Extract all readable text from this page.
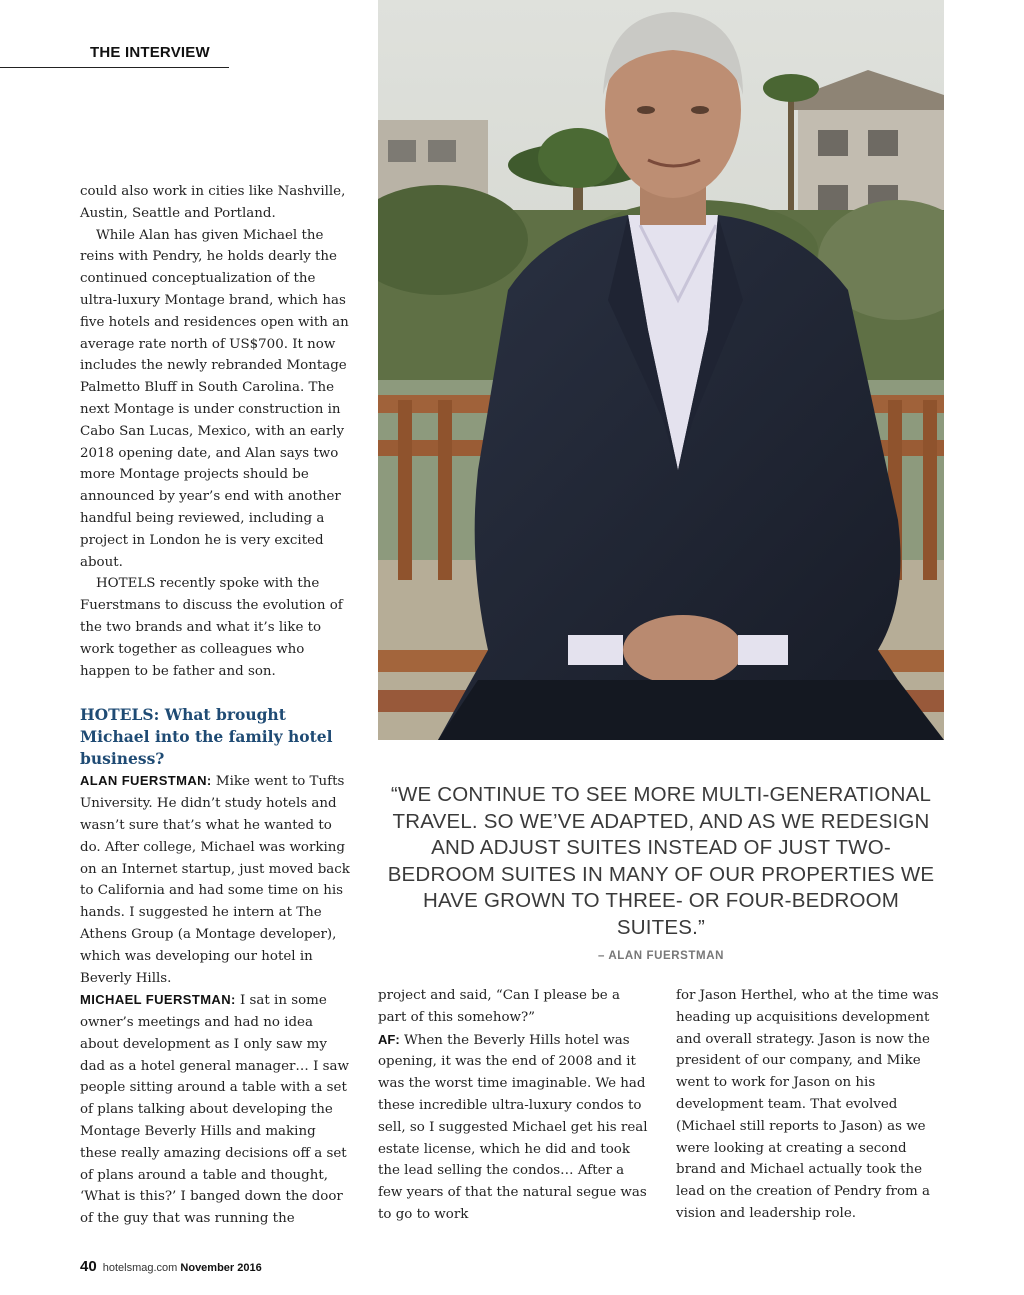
THE INTERVIEW

could also work in cities like Nashville, Austin, Seattle and Portland.

While Alan has given Michael the reins with Pendry, he holds dearly the continued conceptualization of the ultra-luxury Montage brand, which has five hotels and residences open with an average rate north of US$700. It now includes the newly rebranded Montage Palmetto Bluff in South Carolina. The next Montage is under construction in Cabo San Lucas, Mexico, with an early 2018 opening date, and Alan says two more Montage projects should be announced by year’s end with another handful being reviewed, including a project in London he is very excited about.

HOTELS recently spoke with the Fuerstmans to discuss the evolution of the two brands and what it’s like to work together as colleagues who happen to be father and son.

HOTELS: What brought Michael into the family hotel business?

ALAN FUERSTMAN: Mike went to Tufts University. He didn’t study hotels and wasn’t sure that’s what he wanted to do. After college, Michael was working on an Internet startup, just moved back to California and had some time on his hands. I suggested he intern at The Athens Group (a Montage developer), which was developing our hotel in Beverly Hills.

MICHAEL FUERSTMAN: I sat in some owner’s meetings and had no idea about development as I only saw my dad as a hotel general manager… I saw people sitting around a table with a set of plans talking about developing the Montage Beverly Hills and making these really amazing decisions off a set of plans around a table and thought, ‘What is this?’ I banged down the door of the guy that was running the

“WE CONTINUE TO SEE MORE MULTI-GENERATIONAL TRAVEL. SO WE’VE ADAPTED, AND AS WE REDESIGN AND ADJUST SUITES INSTEAD OF JUST TWO-BEDROOM SUITES IN MANY OF OUR PROPERTIES WE HAVE GROWN TO THREE- OR FOUR-BEDROOM SUITES.”
– ALAN FUERSTMAN

project and said, “Can I please be a part of this somehow?”

AF: When the Beverly Hills hotel was opening, it was the end of 2008 and it was the worst time imaginable. We had these incredible ultra-luxury condos to sell, so I suggested Michael get his real estate license, which he did and took the lead selling the condos… After a few years of that the natural segue was to go to work

for Jason Herthel, who at the time was heading up acquisitions development and overall strategy. Jason is now the president of our company, and Mike went to work for Jason on his development team. That evolved (Michael still reports to Jason) as we were looking at creating a second brand and Michael actually took the lead on the creation of Pendry from a vision and leadership role.

40 hotelsmag.com November 2016
